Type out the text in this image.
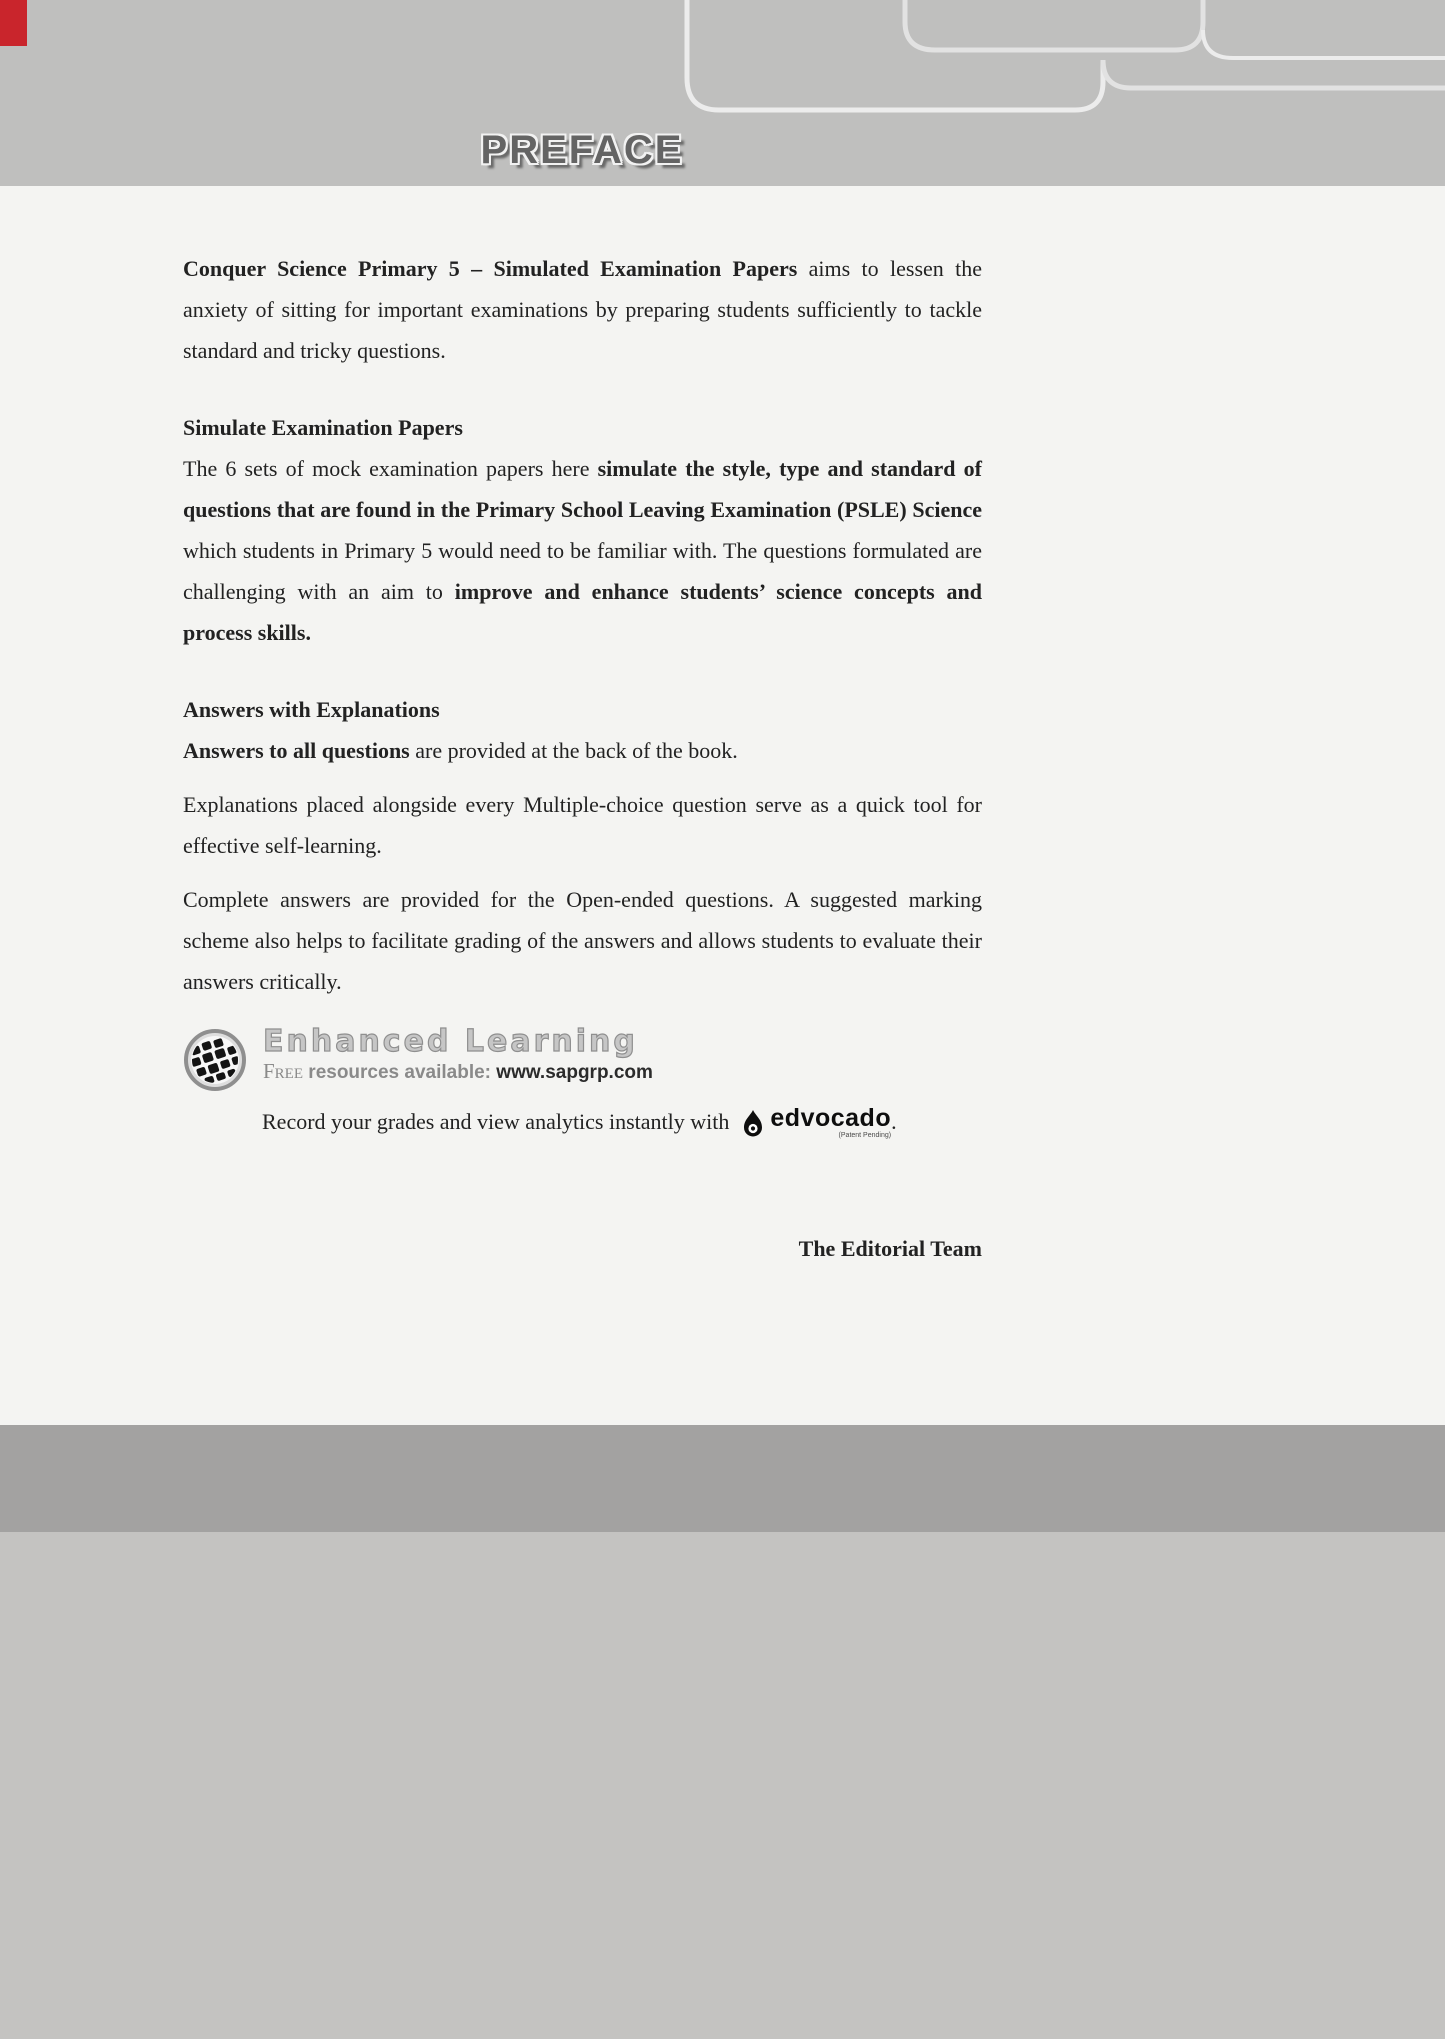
PREFACE

Conquer Science Primary 5 – Simulated Examination Papers aims to lessen the anxiety of sitting for important examinations by preparing students sufficiently to tackle standard and tricky questions.

Simulate Examination Papers

The 6 sets of mock examination papers here simulate the style, type and standard of questions that are found in the Primary School Leaving Examination (PSLE) Science which students in Primary 5 would need to be familiar with. The questions formulated are challenging with an aim to improve and enhance students’ science concepts and process skills.

Answers with Explanations

Answers to all questions are provided at the back of the book.

Explanations placed alongside every Multiple-choice question serve as a quick tool for effective self-learning.

Complete answers are provided for the Open-ended questions. A suggested marking scheme also helps to facilitate grading of the answers and allows students to evaluate their answers critically.

Enhanced Learning
Free resources available: www.sapgrp.com
Record your grades and view analytics instantly with edvocado
(Patent Pending)
.
The Editorial Team
